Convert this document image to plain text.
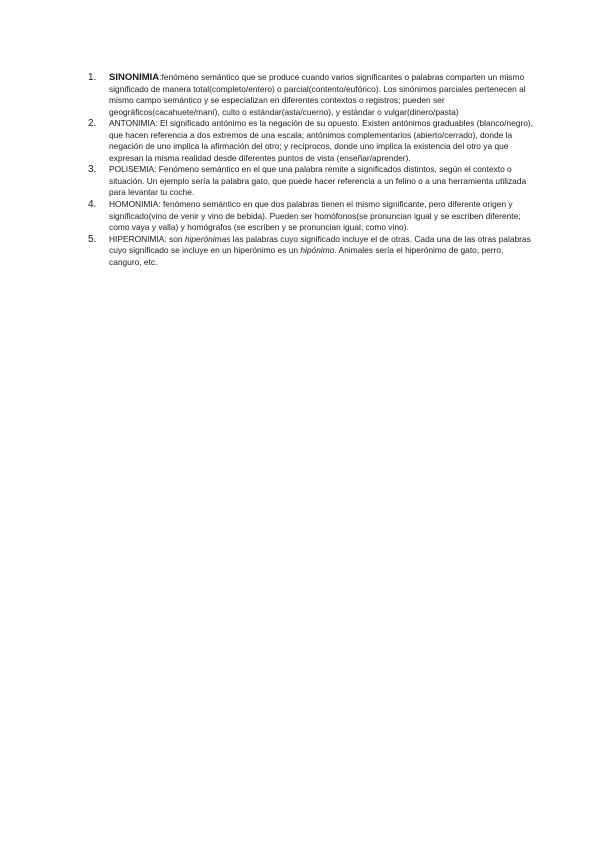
1. SINONIMIA:fenómeno semántico que se produce cuando varios significantes o palabras comparten un mismo significado de manera total(completo/entero) o parcial(contento/eufórico). Los sinónimos parciales pertenecen al mismo campo semántico y se especializan en diferentes contextos o registros; pueden ser geográficos(cacahuete/maní), culto o estándar(asta/cuerno), y estándar o vulgar(dinero/pasta)
2. ANTONIMIA: El significado antónimo es la negación de su opuesto. Existen antónimos graduables (blanco/negro), que hacen referencia a dos extremos de una escala; antónimos complementarios (abierto/cerrado), donde la negación de uno implica la afirmación del otro; y recíprocos, donde uno implica la existencia del otro ya que expresan la misma realidad desde diferentes puntos de vista (enseñar/aprender).
3. POLISEMIA: Fenómeno semántico en el que una palabra remite a significados distintos, según el contexto o situación. Un ejemplo sería la palabra gato, que puede hacer referencia a un felino o a una herramienta utilizada para levantar tu coche.
4. HOMONIMIA: fenómeno semántico en que dos palabras tienen el mismo significante, pero diferente origen y significado(vino de venir y vino de bebida). Pueden ser homófonos(se pronuncian igual y se escriben diferente; como vaya y valla) y homógrafos (se escriben y se pronuncian igual; como vino).
5. HIPERONIMIA: son hiperónimas las palabras cuyo significado incluye el de otras. Cada una de las otras palabras cuyo significado se incluye en un hiperónimo es un hipónimo. Animales sería el hiperónimo de gato, perro, canguro, etc.
